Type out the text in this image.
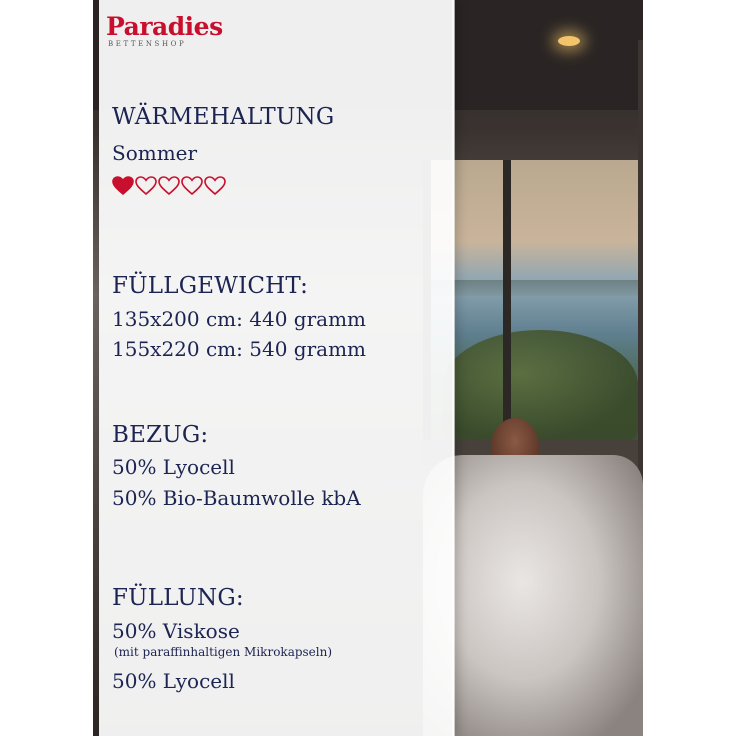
Paradies
BETTENSHOP
WÄRMEHALTUNG
Sommer
FÜLLGEWICHT:
135x200 cm: 440 gramm
155x220 cm: 540 gramm
BEZUG:
50% Lyocell
50% Bio-Baumwolle kbA
FÜLLUNG:
50% Viskose
(mit paraffinhaltigen Mikrokapseln)
50% Lyocell
